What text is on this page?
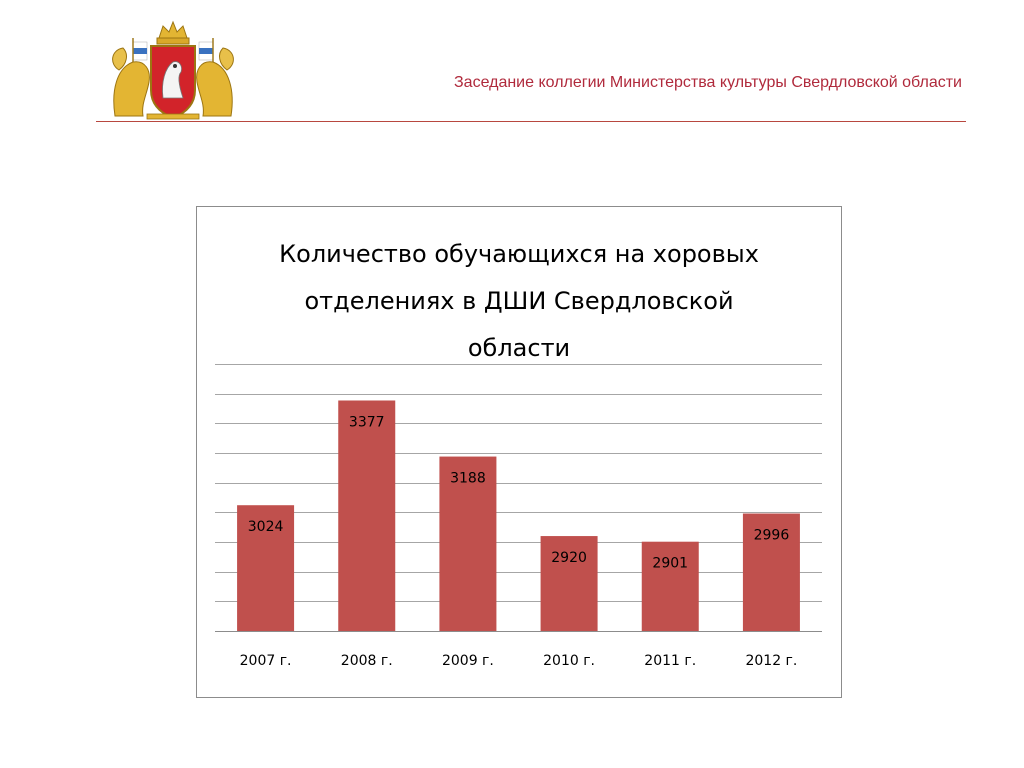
Заседание коллегии Министерства культуры Свердловской области
Количество обучающихся на хоровых
отделениях в ДШИ Свердловской
области
3024
2007 г.
3377
2008 г.
3188
2009 г.
2920
2010 г.
2901
2011 г.
2996
2012 г.
